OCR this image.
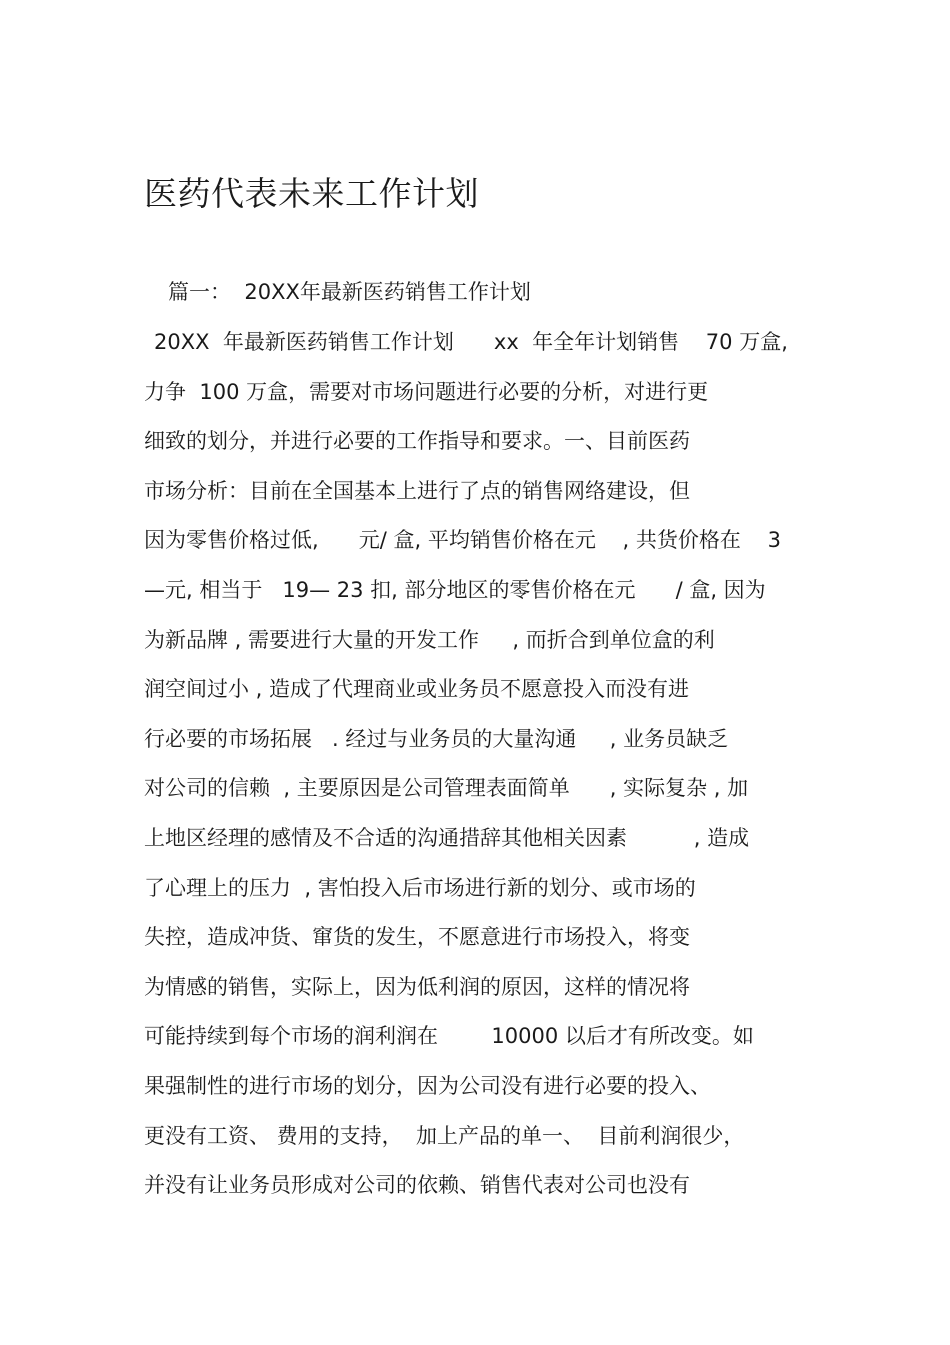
医药代表未来工作计划
篇一：  20XX年最新医药销售工作计划
20XX  年最新医药销售工作计划      xx  年全年计划销售    70 万盒,
力争  100 万盒，需要对市场问题进行必要的分析，对进行更
细致的划分，并进行必要的工作指导和要求。一、目前医药
市场分析：目前在全国基本上进行了点的销售网络建设，但
因为零售价格过低,      元/ 盒, 平均销售价格在元    , 共货价格在    3
—元, 相当于   19— 23 扣, 部分地区的零售价格在元      / 盒, 因为
为新品牌 , 需要进行大量的开发工作     , 而折合到单位盒的利
润空间过小 , 造成了代理商业或业务员不愿意投入而没有进
行必要的市场拓展   . 经过与业务员的大量沟通     , 业务员缺乏
对公司的信赖  , 主要原因是公司管理表面简单      , 实际复杂 , 加
上地区经理的感情及不合适的沟通措辞其他相关因素          , 造成
了心理上的压力  , 害怕投入后市场进行新的划分、或市场的
失控，造成冲货、窜货的发生，不愿意进行市场投入，将变
为情感的销售，实际上，因为低利润的原因，这样的情况将
可能持续到每个市场的润利润在        10000 以后才有所改变。如
果强制性的进行市场的划分，因为公司没有进行必要的投入、
更没有工资、 费用的支持，  加上产品的单一、  目前利润很少，
并没有让业务员形成对公司的依赖、销售代表对公司也没有
